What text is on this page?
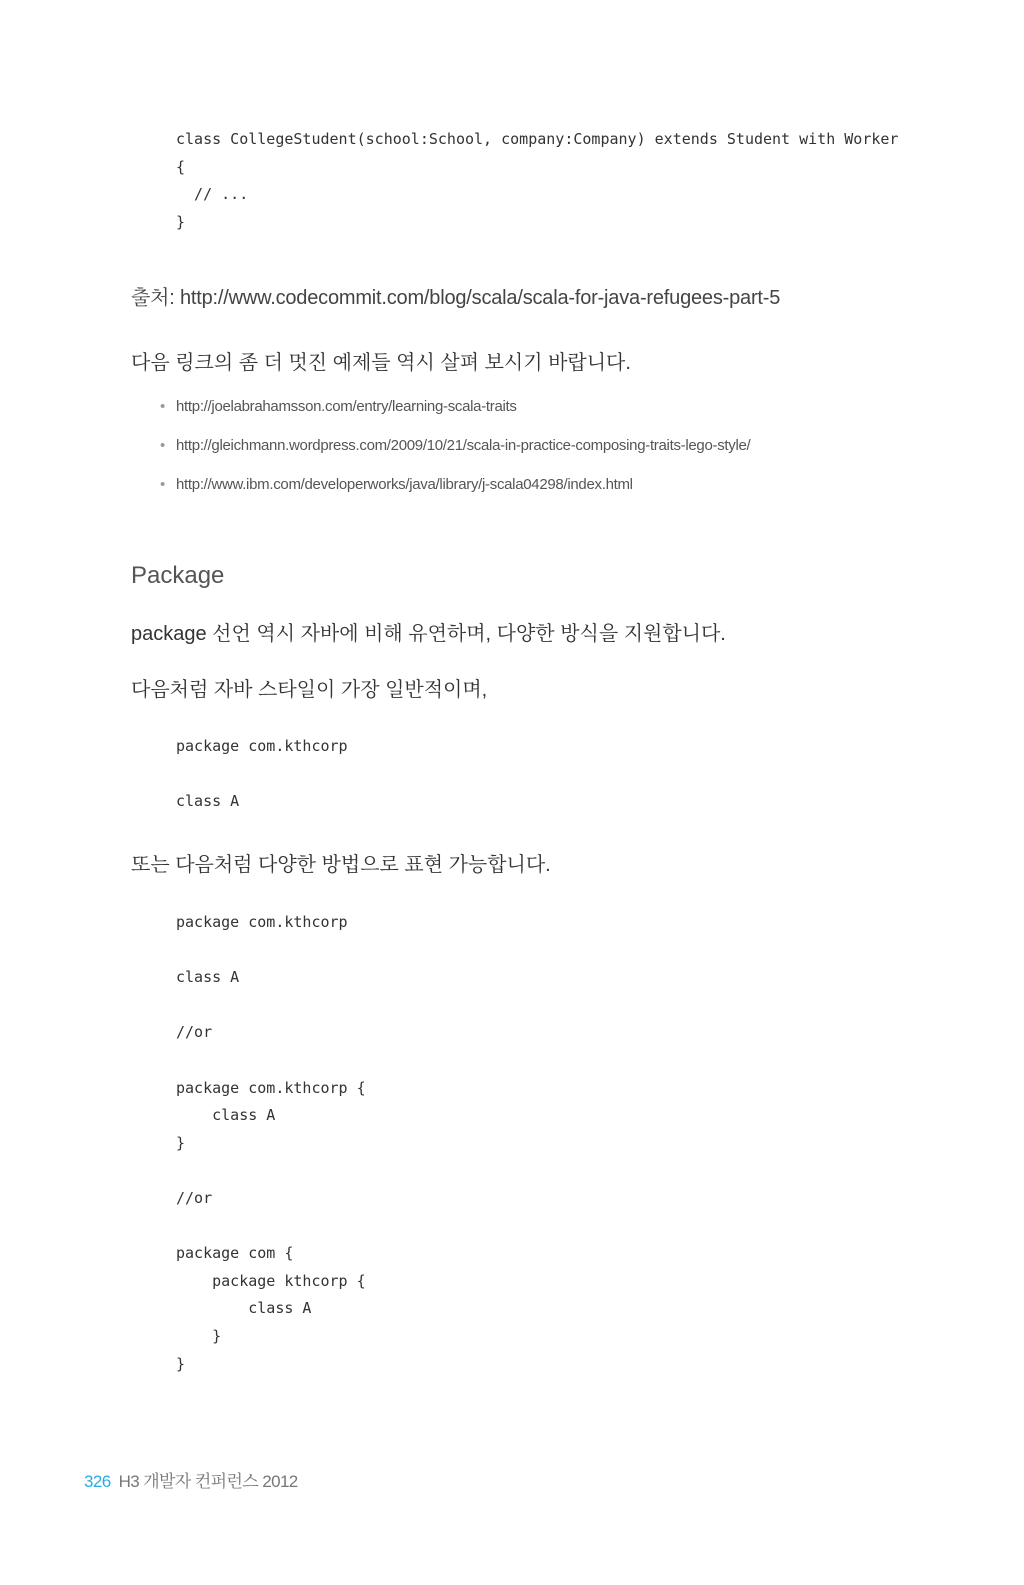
class CollegeStudent(school:School, company:Company) extends Student with Worker
{
// ...
}
출처: http://www.codecommit.com/blog/scala/scala-for-java-refugees-part-5
다음 링크의 좀 더 멋진 예제들 역시 살펴 보시기 바랍니다.
• http://joelabrahamsson.com/entry/learning-scala-traits
• http://gleichmann.wordpress.com/2009/10/21/scala-in-practice-composing-traits-lego-style/
• http://www.ibm.com/developerworks/java/library/j-scala04298/index.html
Package
package 선언 역시 자바에 비해 유연하며, 다양한 방식을 지원합니다.
다음처럼 자바 스타일이 가장 일반적이며,
package com.kthcorp

class A
또는 다음처럼 다양한 방법으로 표현 가능합니다.
package com.kthcorp

class A

//or

package com.kthcorp {
class A
}

//or

package com {
package kthcorp {
class A
}
}
326 H3 개발자 컨퍼런스 2012
